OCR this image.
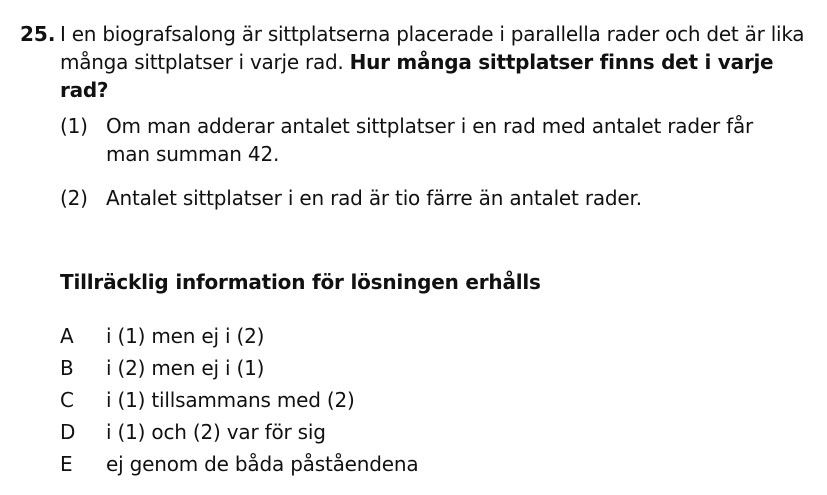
25. I en biografsalong är sittplatserna placerade i parallella rader och det är lika många sittplatser i varje rad. Hur många sittplatser finns det i varje rad?
(1) Om man adderar antalet sittplatser i en rad med antalet rader får man summan 42.
(2) Antalet sittplatser i en rad är tio färre än antalet rader.
Tillräcklig information för lösningen erhålls
A i (1) men ej i (2)
B i (2) men ej i (1)
C i (1) tillsammans med (2)
D i (1) och (2) var för sig
E ej genom de båda påståendena
